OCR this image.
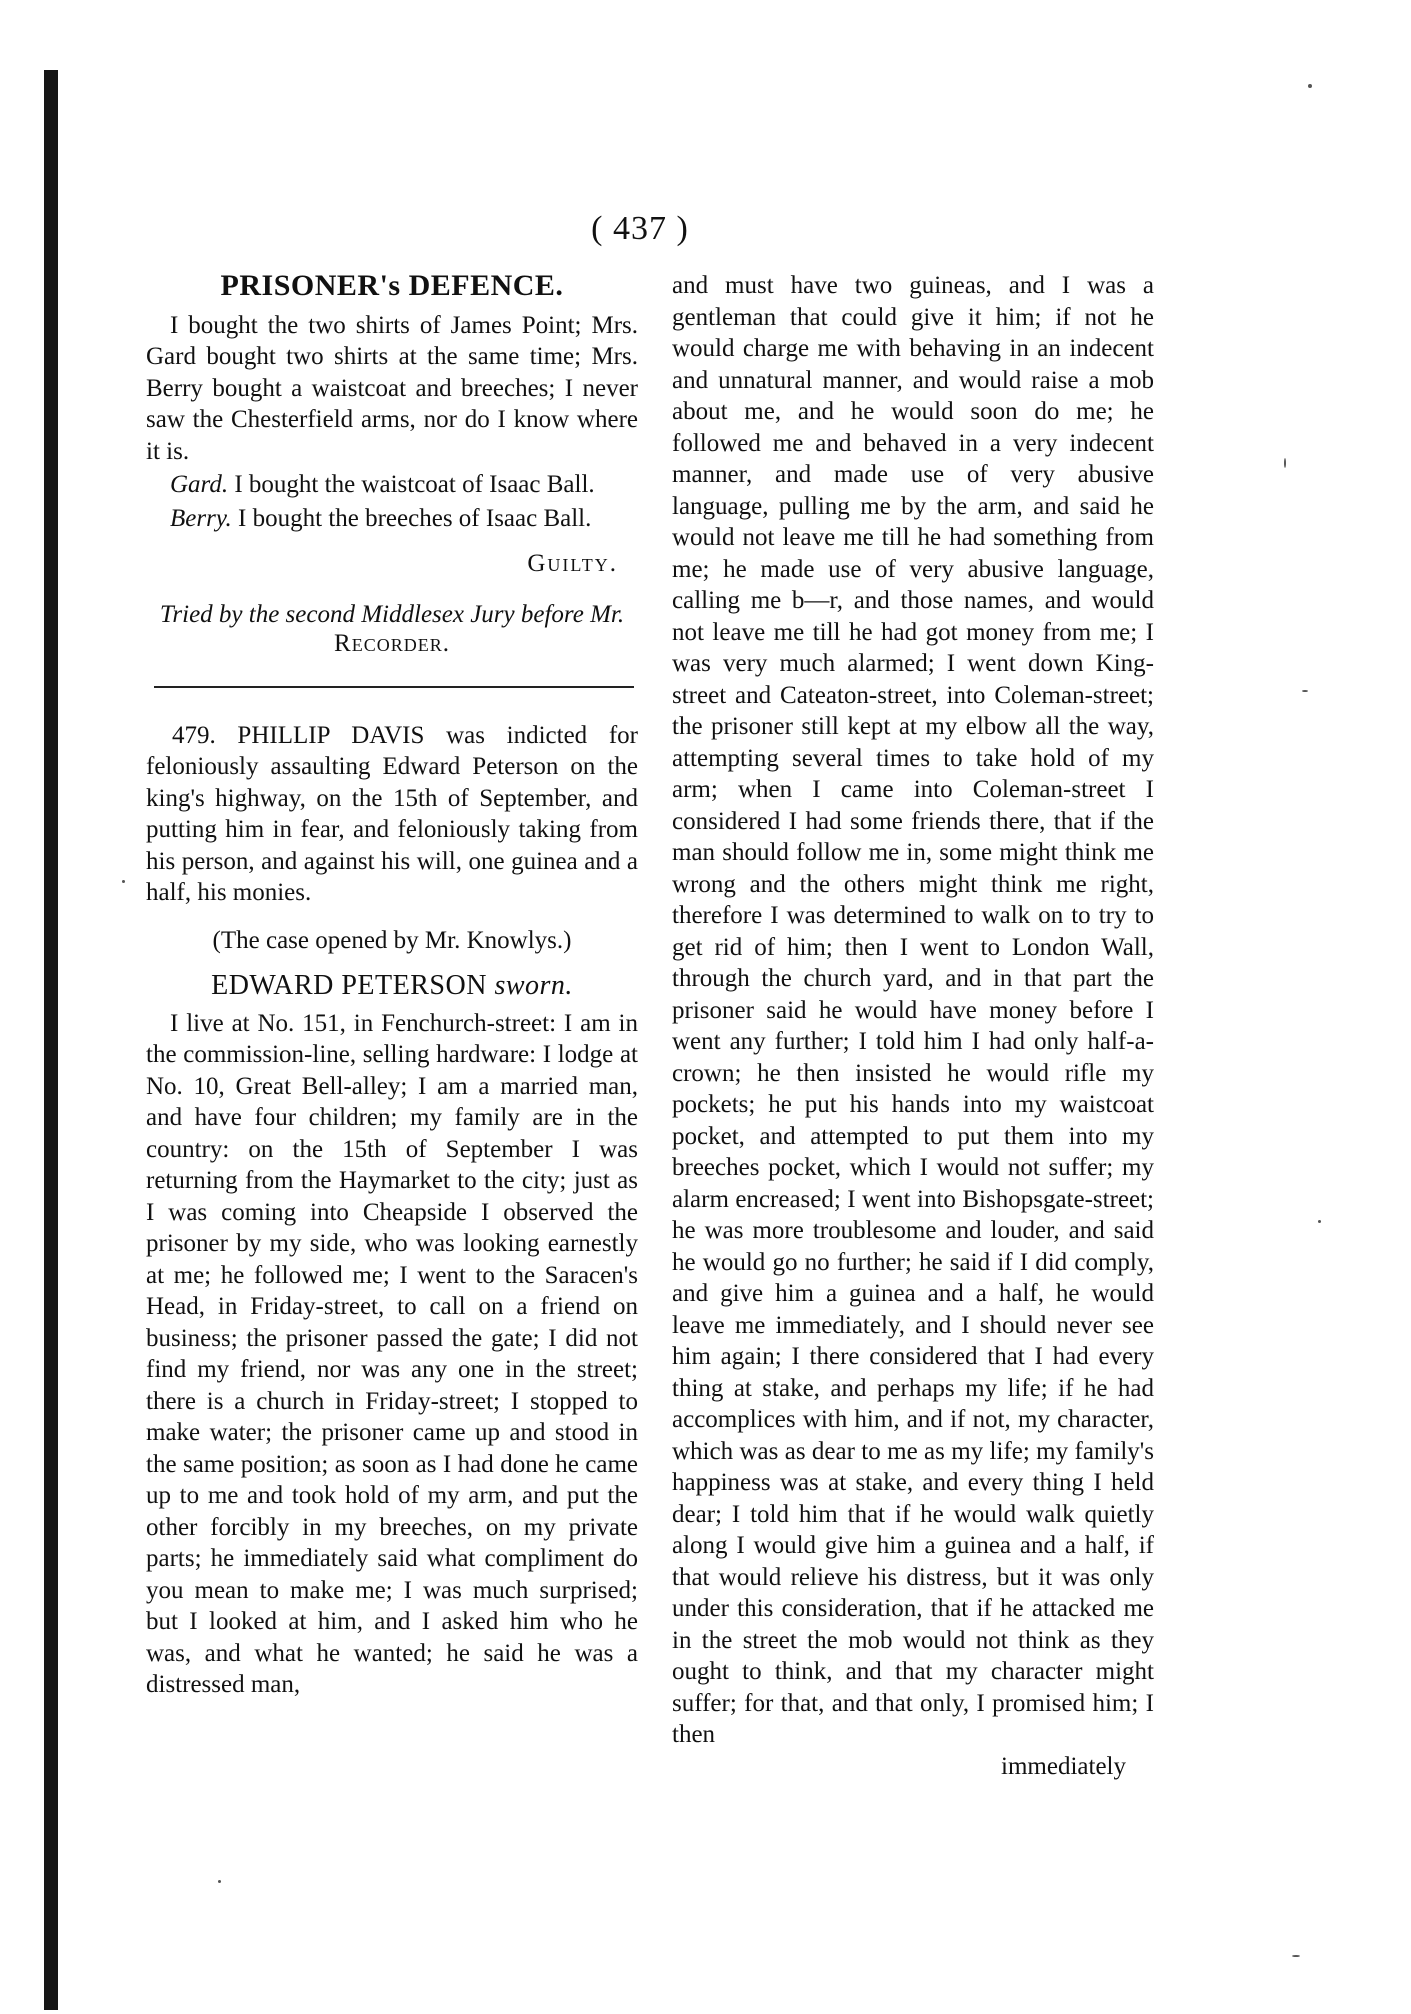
( 437 )
PRISONER's DEFENCE.

I bought the two shirts of James Point; Mrs. Gard bought two shirts at the same time; Mrs. Berry bought a waistcoat and breeches; I never saw the Chesterfield arms, nor do I know where it is.

Gard. I bought the waistcoat of Isaac Ball.

Berry. I bought the breeches of Isaac Ball.

Guilty.

Tried by the second Middlesex Jury before Mr. Recorder.

479. PHILLIP DAVIS was indicted for feloniously assaulting Edward Peterson on the king's highway, on the 15th of September, and putting him in fear, and feloniously taking from his person, and against his will, one guinea and a half, his monies.

(The case opened by Mr. Knowlys.)

EDWARD PETERSON sworn.

I live at No. 151, in Fenchurch-street: I am in the commission-line, selling hardware: I lodge at No. 10, Great Bell-alley; I am a married man, and have four children; my family are in the country: on the 15th of September I was returning from the Haymarket to the city; just as I was coming into Cheapside I observed the prisoner by my side, who was looking earnestly at me; he followed me; I went to the Saracen's Head, in Friday-street, to call on a friend on business; the prisoner passed the gate; I did not find my friend, nor was any one in the street; there is a church in Friday-street; I stopped to make water; the prisoner came up and stood in the same position; as soon as I had done he came up to me and took hold of my arm, and put the other forcibly in my breeches, on my private parts; he immediately said what compliment do you mean to make me; I was much surprised; but I looked at him, and I asked him who he was, and what he wanted; he said he was a distressed man,

and must have two guineas, and I was a gentleman that could give it him; if not he would charge me with behaving in an indecent and unnatural manner, and would raise a mob about me, and he would soon do me; he followed me and behaved in a very indecent manner, and made use of very abusive language, pulling me by the arm, and said he would not leave me till he had something from me; he made use of very abusive language, calling me b—r, and those names, and would not leave me till he had got money from me; I was very much alarmed; I went down King-street and Cateaton-street, into Coleman-street; the prisoner still kept at my elbow all the way, attempting several times to take hold of my arm; when I came into Coleman-street I considered I had some friends there, that if the man should follow me in, some might think me wrong and the others might think me right, therefore I was determined to walk on to try to get rid of him; then I went to London Wall, through the church yard, and in that part the prisoner said he would have money before I went any further; I told him I had only half-a-crown; he then insisted he would rifle my pockets; he put his hands into my waistcoat pocket, and attempted to put them into my breeches pocket, which I would not suffer; my alarm encreased; I went into Bishopsgate-street; he was more troublesome and louder, and said he would go no further; he said if I did comply, and give him a guinea and a half, he would leave me immediately, and I should never see him again; I there considered that I had every thing at stake, and perhaps my life; if he had accomplices with him, and if not, my character, which was as dear to me as my life; my family's happiness was at stake, and every thing I held dear; I told him that if he would walk quietly along I would give him a guinea and a half, if that would relieve his distress, but it was only under this consideration, that if he attacked me in the street the mob would not think as they ought to think, and that my character might suffer; for that, and that only, I promised him; I then

immediately
